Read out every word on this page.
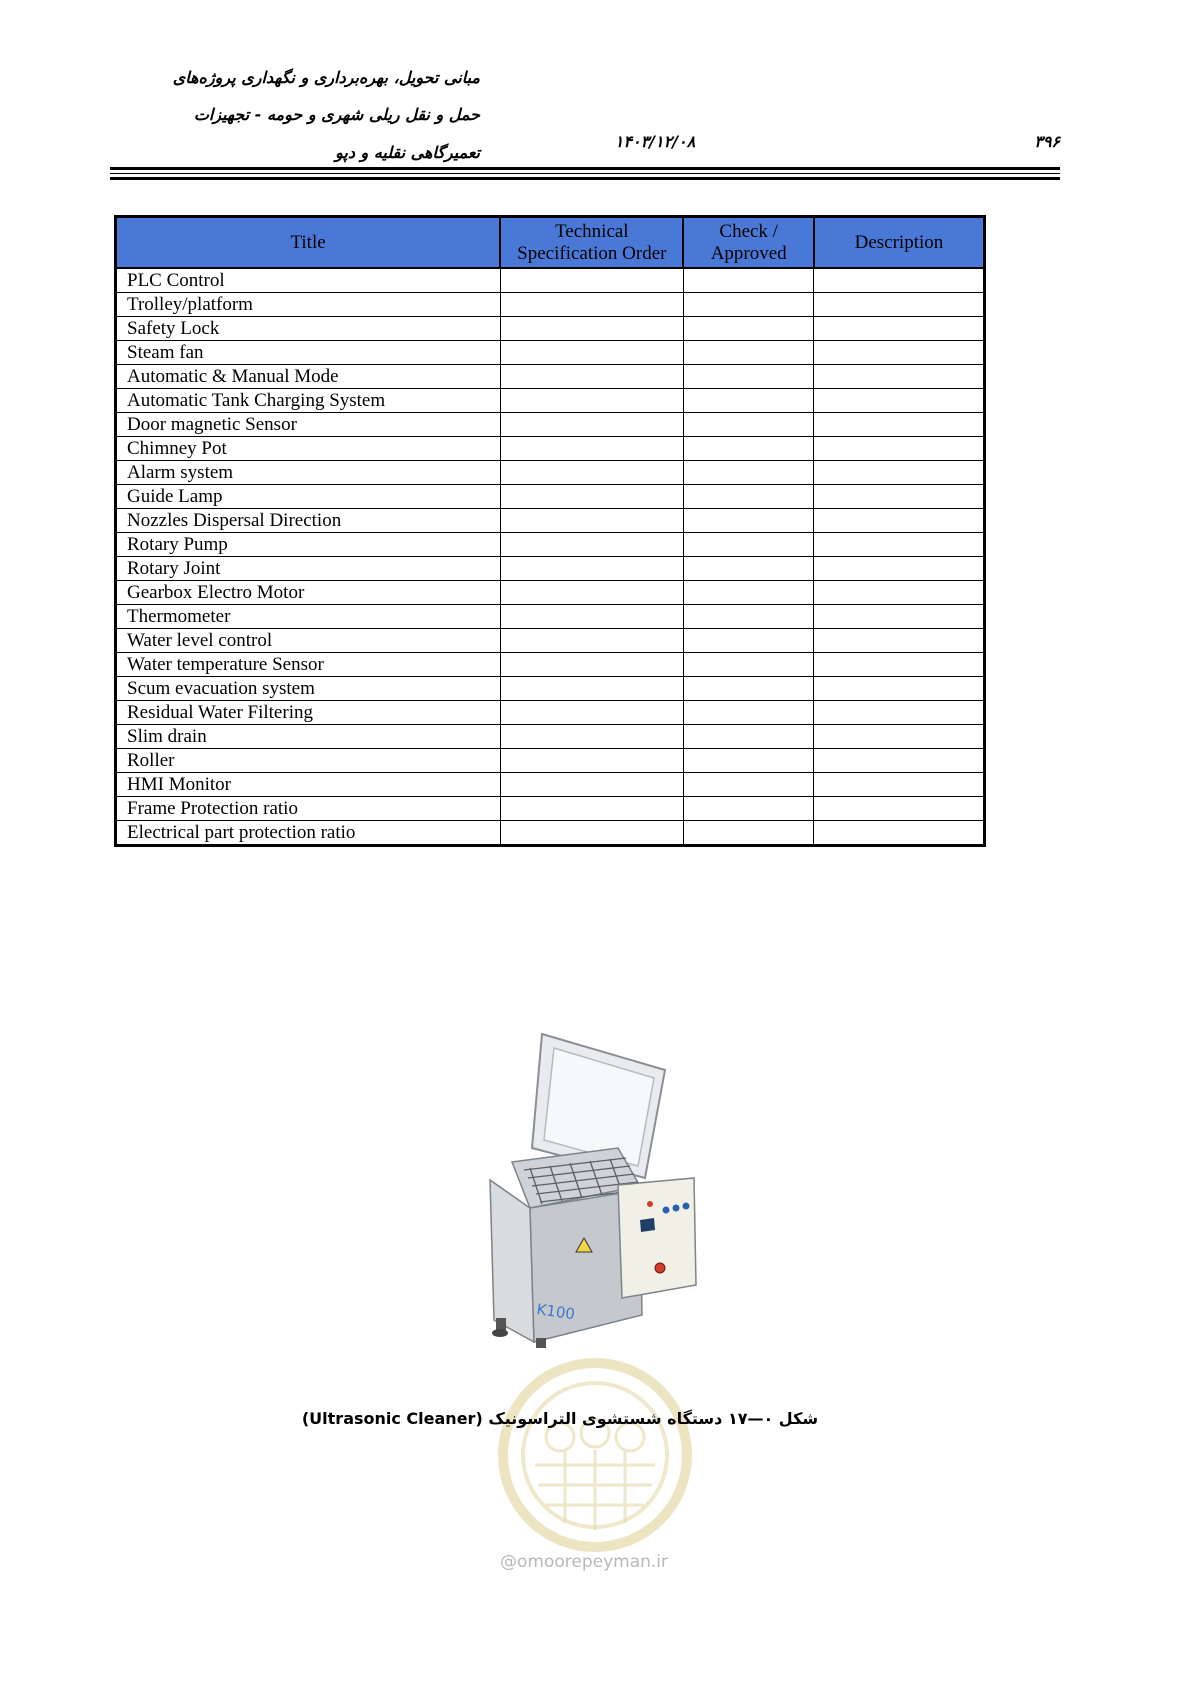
مبانی تحویل، بهره‌برداری و نگهداری پروژه‌های
حمل و نقل ریلی شهری و حومه - تجهیزات
تعمیرگاهی نقلیه و دپو
۱۴۰۳/۱۲/۰۸	۳۹۶
Title	Technical Specification Order	Check / Approved	Description
PLC Control			
Trolley/platform			
Safety Lock			
Steam fan			
Automatic & Manual Mode			
Automatic Tank Charging System			
Door magnetic Sensor			
Chimney Pot			
Alarm system			
Guide Lamp			
Nozzles Dispersal Direction			
Rotary Pump			
Rotary Joint			
Gearbox Electro Motor			
Thermometer			
Water level control			
Water temperature Sensor			
Scum evacuation system			
Residual Water Filtering			
Slim drain			
Roller			
HMI Monitor			
Frame Protection ratio			
Electrical part protection ratio			
K100
شکل ۰—۱۷ دستگاه شستشوی التراسونیک (Ultrasonic Cleaner)
@omoorepeyman.ir
